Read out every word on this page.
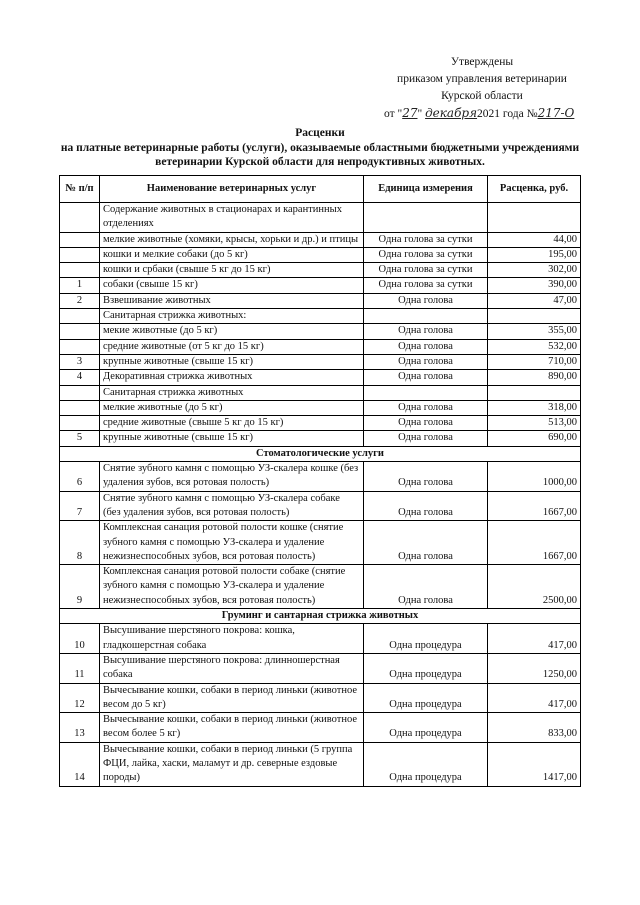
Утверждены
приказом управления ветеринарии
Курской области
от "27" декабря2021 года №217-О
Расценки
на платные ветеринарные работы (услуги), оказываемые областными бюджетными учреждениями
ветеринарии Курской области для непродуктивных животных.
№ п/п	Наименование ветеринарных услуг	Единица измерения	Расценка, руб.
	Содержание животных в стационарах и карантинных отделениях		
	мелкие животные (хомяки, крысы, хорьки и др.) и птицы	Одна голова за сутки	44,00
	кошки и мелкие собаки (до 5 кг)	Одна голова за сутки	195,00
	кошки и србаки (свыше 5 кг до 15 кг)	Одна голова за сутки	302,00
1	собаки (свыше 15 кг)	Одна голова за сутки	390,00
2	Взвешивание животных	Одна голова	47,00
	Санитарная стрижка животных:		
	мекие животные (до 5 кг)	Одна голова	355,00
	средние животные (от 5 кг до 15 кг)	Одна голова	532,00
3	крупные животные (свыше 15 кг)	Одна голова	710,00
4	Декоративная стрижка животных	Одна голова	890,00
	Санитарная стрижка животных		
	мелкие животные (до 5 кг)	Одна голова	318,00
	средние животные (свыше 5 кг до 15 кг)	Одна голова	513,00
5	крупные животные (свыше 15 кг)	Одна голова	690,00
Стоматологические услуги			
6	Снятие зубного камня с помощью УЗ-скалера кошке (без удаления зубов, вся ротовая полость)	Одна голова	1000,00
7	Снятие зубного камня с помощью УЗ-скалера собаке (без удаления зубов, вся ротовая полость)	Одна голова	1667,00
8	Комплексная санация ротовой полости кошке (снятие зубного камня с помощью УЗ-скалера и удаление нежизнеспособных зубов, вся ротовая полость)	Одна голова	1667,00
9	Комплексная санация ротовой полости собаке (снятие зубного камня с помощью УЗ-скалера и удаление нежизнеспособных зубов, вся ротовая полость)	Одна голова	2500,00
Груминг и сантарная стрижка животных			
10	Высушивание шерстяного покрова: кошка, гладкошерстная собака	Одна процедура	417,00
11	Высушивание шерстяного покрова: длинношерстная собака	Одна процедура	1250,00
12	Вычесывание кошки, собаки в период линьки (животное весом до 5 кг)	Одна процедура	417,00
13	Вычесывание кошки, собаки в период линьки (животное весом более 5 кг)	Одна процедура	833,00
14	Вычесывание кошки, собаки в период линьки (5 группа ФЦИ, лайка, хаски, маламут и др. северные ездовые породы)	Одна процедура	1417,00
